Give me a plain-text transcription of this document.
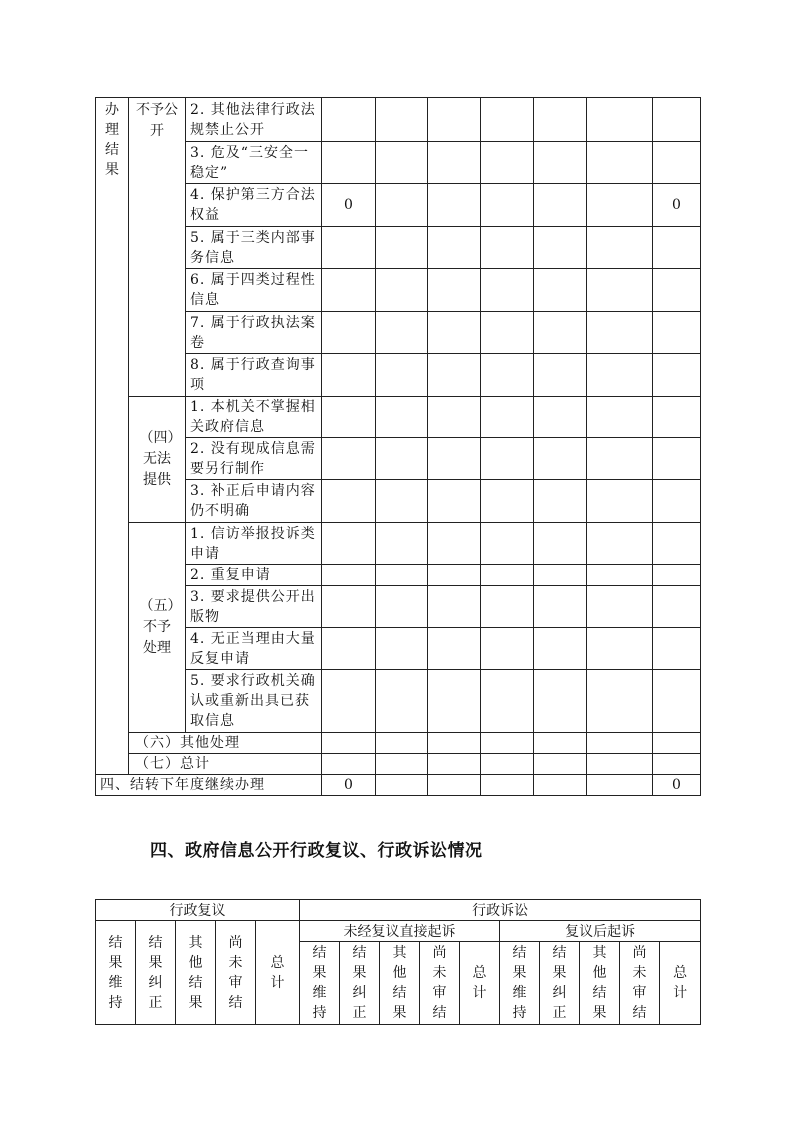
办理结果	不予公开	2. 其他法律行政法规禁止公开							
		3. 危及“三安全一稳定”							
		4. 保护第三方合法权益	0						0
		5. 属于三类内部事务信息							
		6. 属于四类过程性信息							
		7. 属于行政执法案卷							
		8. 属于行政查询事项							
	（四）无法提供	1. 本机关不掌握相关政府信息							
		2. 没有现成信息需要另行制作							
		3. 补正后申请内容仍不明确							
	（五）不予处理	1. 信访举报投诉类申请							
		2. 重复申请							
		3. 要求提供公开出版物							
		4. 无正当理由大量反复申请							
		5. 要求行政机关确认或重新出具已获取信息							
	（六）其他处理								
	（七）总计								
四、结转下年度继续办理			0						0
四、政府信息公开行政复议、行政诉讼情况
行政复议					行政诉讼									
结果维持	结果纠正	其他结果	尚未审结	总计	未经复议直接起诉					复议后起诉				
					结果维持	结果纠正	其他结果	尚未审结	总计	结果维持	结果纠正	其他结果	尚未审结	总计
